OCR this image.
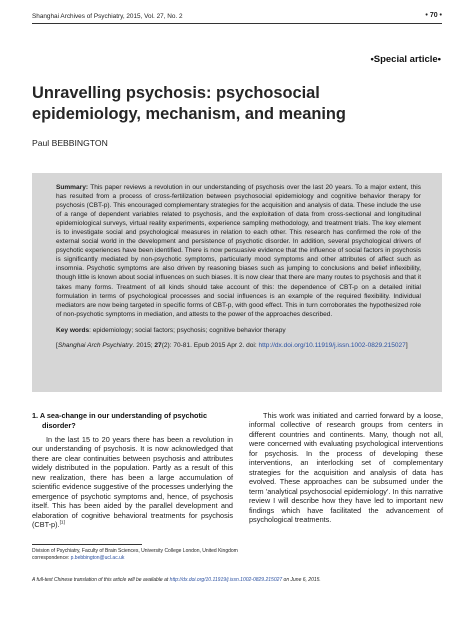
Shanghai Archives of Psychiatry, 2015, Vol. 27, No. 2	• 70 •
•Special article•
Unravelling psychosis: psychosocial epidemiology, mechanism, and meaning
Paul BEBBINGTON

Summary: This paper reviews a revolution in our understanding of psychosis over the last 20 years. To a major extent, this has resulted from a process of cross-fertilization between psychosocial epidemiology and cognitive behavior therapy for psychosis (CBT-p). This encouraged complementary strategies for the acquisition and analysis of data. These include the use of a range of dependent variables related to psychosis, and the exploitation of data from cross-sectional and longitudinal epidemiological surveys, virtual reality experiments, experience sampling methodology, and treatment trials. The key element is to investigate social and psychological measures in relation to each other. This research has confirmed the role of the external social world in the development and persistence of psychotic disorder. In addition, several psychological drivers of psychotic experiences have been identified. There is now persuasive evidence that the influence of social factors in psychosis is significantly mediated by non-psychotic symptoms, particularly mood symptoms and other attributes of affect such as insomnia. Psychotic symptoms are also driven by reasoning biases such as jumping to conclusions and belief inflexibility, though little is known about social influences on such biases. It is now clear that there are many routes to psychosis and that it takes many forms. Treatment of all kinds should take account of this: the dependence of CBT-p on a detailed initial formulation in terms of psychological processes and social influences is an example of the required flexibility. Individual mediators are now being targeted in specific forms of CBT-p, with good effect. This in turn corroborates the hypothesized role of non-psychotic symptoms in mediation, and attests to the power of the approaches described.

Key words: epidemiology; social factors; psychosis; cognitive behavior therapy

[Shanghai Arch Psychiatry. 2015; 27(2): 70-81. Epub 2015 Apr 2. doi: http://dx.doi.org/10.11919/j.issn.1002-0829.215027]

1. A sea-change in our understanding of psychotic disorder?

In the last 15 to 20 years there has been a revolution in our understanding of psychosis. It is now acknowledged that there are clear continuities between psychosis and attributes widely distributed in the population. Partly as a result of this new realization, there has been a large accumulation of scientific evidence suggestive of the processes underlying the emergence of psychotic symptoms and, hence, of psychosis itself. This has been aided by the parallel development and elaboration of cognitive behavioral treatments for psychosis (CBT-p).[1]

This work was initiated and carried forward by a loose, informal collective of research groups from centers in different countries and continents. Many, though not all, were concerned with evaluating psychological interventions for psychosis. In the process of developing these interventions, an interlocking set of complementary strategies for the acquisition and analysis of data has evolved. These approaches can be subsumed under the term 'analytical psychosocial epidemiology'. In this narrative review I will describe how they have led to important new findings which have facilitated the advancement of psychological treatments.

Division of Psychiatry, Faculty of Brain Sciences, University College London, United Kingdom
correspondence: p.bebbington@ucl.ac.uk
A full-text Chinese translation of this article will be available at http://dx.doi.org/10.11919/j.issn.1002-0829.215027 on June 6, 2015.
